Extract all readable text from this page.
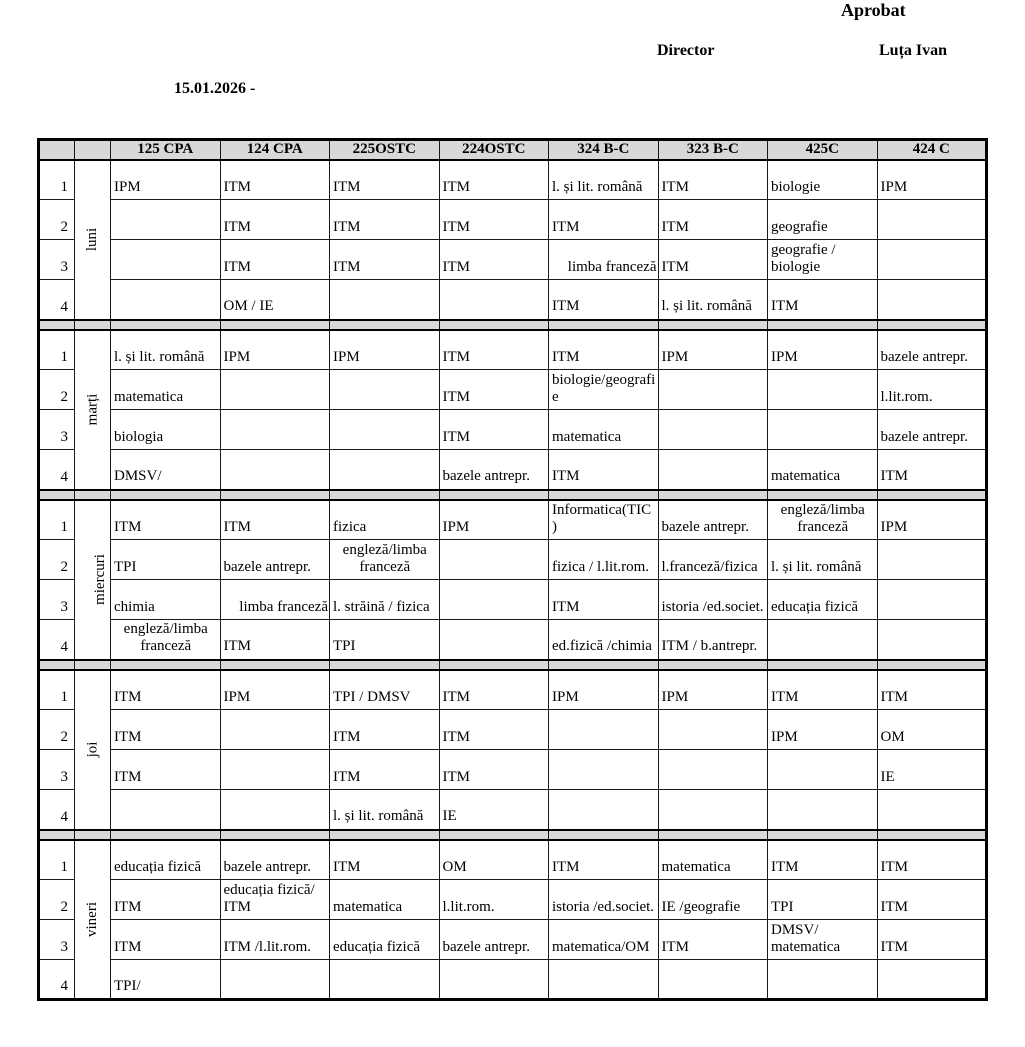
Aprobat
Director	Luța Ivan
15.01.2026 -
		125 CPA	124 CPA	225OSTC	224OSTC	324 B-C	323 B-C	425C	424 C
1	luni	IPM	ITM	ITM	ITM	l. și lit. română	ITM	biologie	IPM
2			ITM	ITM	ITM	ITM	ITM	geografie	
3			ITM	ITM	ITM	limba franceză	ITM	geografie / biologie	
4			OM / IE			ITM	l. și lit. română	ITM	

1	marți	l. și lit. română	IPM	IPM	ITM	ITM	IPM	IPM	bazele antrepr.
2		matematica			ITM	biologie/geografie			l.lit.rom.
3		biologia			ITM	matematica			bazele antrepr.
4		DMSV/			bazele antrepr.	ITM		matematica	ITM

1	miercuri	ITM	ITM	fizica	IPM	Informatica(TIC)	bazele antrepr.	engleză/limba franceză	IPM
2		TPI	bazele antrepr.	engleză/limba franceză		fizica / l.lit.rom.	l.franceză/fizica	l. și lit. română	
3		chimia	limba franceză	l. străină / fizica		ITM	istoria /ed.societ.	educația fizică	
4		engleză/limba franceză	ITM	TPI		ed.fizică /chimia	ITM / b.antrepr.		

1	joi	ITM	IPM	TPI / DMSV	ITM	IPM	IPM	ITM	ITM
2		ITM		ITM	ITM			IPM	OM
3		ITM		ITM	ITM				IE
4				l. și lit. română	IE				

1	vineri	educația fizică	bazele antrepr.	ITM	OM	ITM	matematica	ITM	ITM
2		ITM	educația fizică/ ITM	matematica	l.lit.rom.	istoria /ed.societ.	IE /geografie	TPI	ITM
3		ITM	ITM /l.lit.rom.	educația fizică	bazele antrepr.	matematica/OM	ITM	DMSV/ matematica	ITM
4		TPI/							
